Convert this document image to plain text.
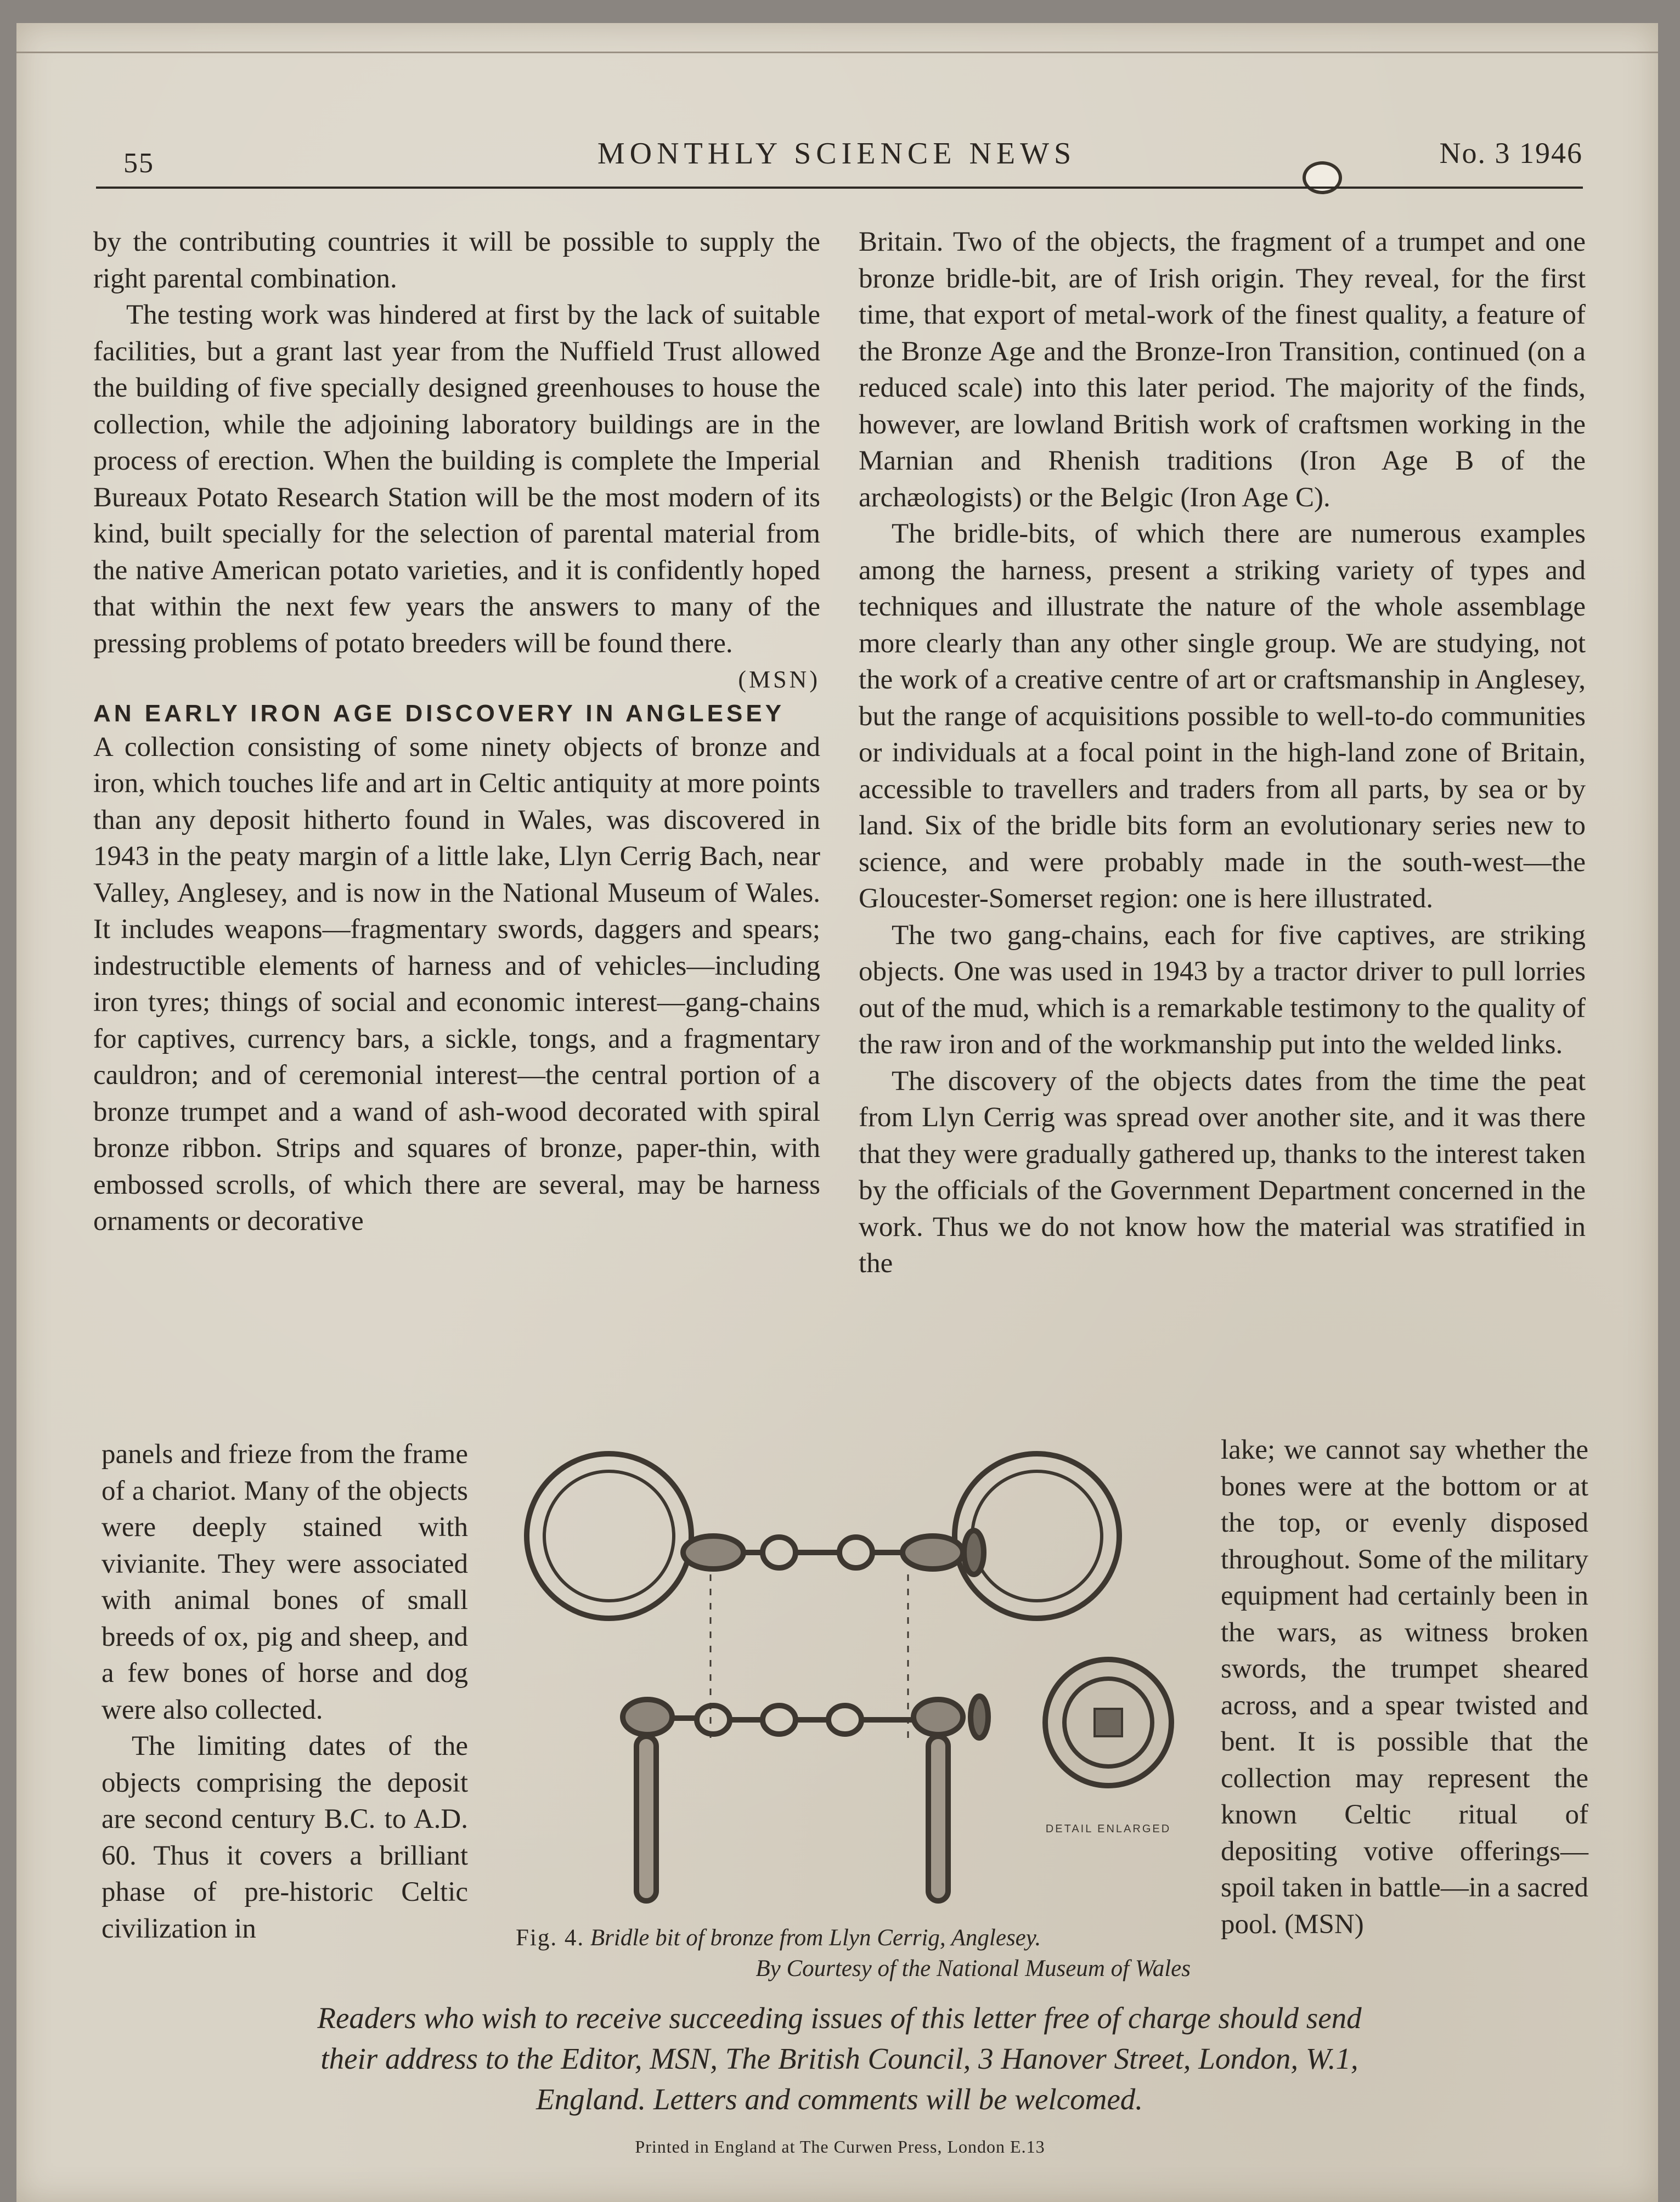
55	MONTHLY SCIENCE NEWS	No. 3 1946

by the contributing countries it will be possible to supply the right parental combination.

The testing work was hindered at first by the lack of suitable facilities, but a grant last year from the Nuffield Trust allowed the building of five specially designed greenhouses to house the collection, while the adjoining laboratory buildings are in the process of erection. When the building is complete the Imperial Bureaux Potato Research Station will be the most modern of its kind, built specially for the selection of parental material from the native American potato varieties, and it is confidently hoped that within the next few years the answers to many of the pressing problems of potato breeders will be found there.

(MSN)

AN EARLY IRON AGE DISCOVERY IN ANGLESEY

A collection consisting of some ninety objects of bronze and iron, which touches life and art in Celtic antiquity at more points than any deposit hitherto found in Wales, was discovered in 1943 in the peaty margin of a little lake, Llyn Cerrig Bach, near Valley, Anglesey, and is now in the National Museum of Wales. It includes weapons—fragmentary swords, daggers and spears; indestructible elements of harness and of vehicles—including iron tyres; things of social and economic interest—gang-chains for captives, currency bars, a sickle, tongs, and a fragmentary cauldron; and of ceremonial interest—the central portion of a bronze trumpet and a wand of ash-wood decorated with spiral bronze ribbon. Strips and squares of bronze, paper-thin, with embossed scrolls, of which there are several, may be harness ornaments or decorative

Britain. Two of the objects, the fragment of a trumpet and one bronze bridle-bit, are of Irish origin. They reveal, for the first time, that export of metal-work of the finest quality, a feature of the Bronze Age and the Bronze-Iron Transition, continued (on a reduced scale) into this later period. The majority of the finds, however, are lowland British work of craftsmen working in the Marnian and Rhenish traditions (Iron Age B of the archæologists) or the Belgic (Iron Age C).

The bridle-bits, of which there are numerous examples among the harness, present a striking variety of types and techniques and illustrate the nature of the whole assemblage more clearly than any other single group. We are studying, not the work of a creative centre of art or craftsmanship in Anglesey, but the range of acquisitions possible to well-to-do communities or individuals at a focal point in the high-land zone of Britain, accessible to travellers and traders from all parts, by sea or by land. Six of the bridle bits form an evolutionary series new to science, and were probably made in the south-west—the Gloucester-Somerset region: one is here illustrated.

The two gang-chains, each for five captives, are striking objects. One was used in 1943 by a tractor driver to pull lorries out of the mud, which is a remarkable testimony to the quality of the raw iron and of the workmanship put into the welded links.

The discovery of the objects dates from the time the peat from Llyn Cerrig was spread over another site, and it was there that they were gradually gathered up, thanks to the interest taken by the officials of the Government Department concerned in the work. Thus we do not know how the material was stratified in the

panels and frieze from the frame of a chariot. Many of the objects were deeply stained with vivianite. They were associated with animal bones of small breeds of ox, pig and sheep, and a few bones of horse and dog were also collected.

The limiting dates of the objects comprising the deposit are second century B.C. to A.D. 60. Thus it covers a brilliant phase of pre-historic Celtic civilization in

lake; we cannot say whether the bones were at the bottom or at the top, or evenly disposed throughout. Some of the military equipment had certainly been in the wars, as witness broken swords, the trumpet sheared across, and a spear twisted and bent. It is possible that the collection may represent the known Celtic ritual of depositing votive offerings—spoil taken in battle—in a sacred pool. (MSN)

DETAIL ENLARGED
Fig. 4. Bridle bit of bronze from Llyn Cerrig, Anglesey.
By Courtesy of the National Museum of Wales
Readers who wish to receive succeeding issues of this letter free of charge should send their address to the Editor, MSN, The British Council, 3 Hanover Street, London, W.1, England. Letters and comments will be welcomed.
Printed in England at The Curwen Press, London E.13
